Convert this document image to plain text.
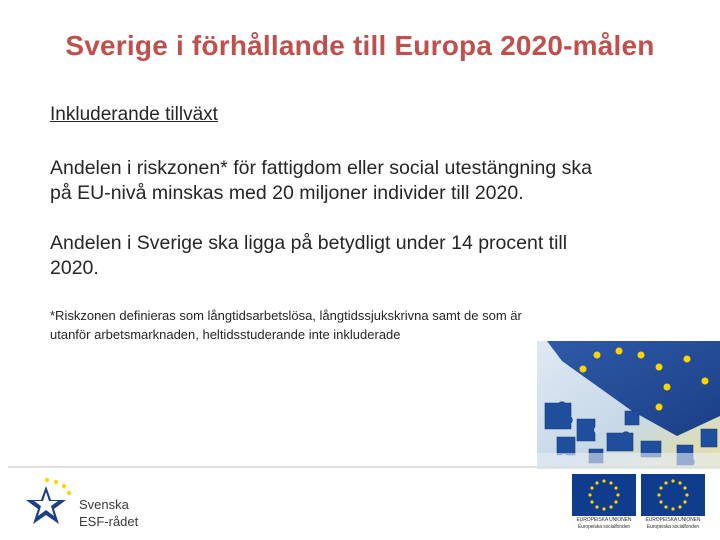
Sverige i förhållande till Europa 2020-målen
Inkluderande tillväxt
Andelen i riskzonen* för fattigdom eller social utestängning ska på EU-nivå minskas med 20 miljoner individer till 2020.
Andelen i Sverige ska ligga på betydligt under 14 procent till 2020.
*Riskzonen definieras som långtidsarbetslösa, långtidssjukskrivna samt de som är utanför arbetsmarknaden, heltidsstuderande inte inkluderade
Svenska
ESF-rådet	EUROPEISKA UNIONEN
Europeiska socialfonden
EUROPEISKA UNIONEN
Europeiska socialfonden
